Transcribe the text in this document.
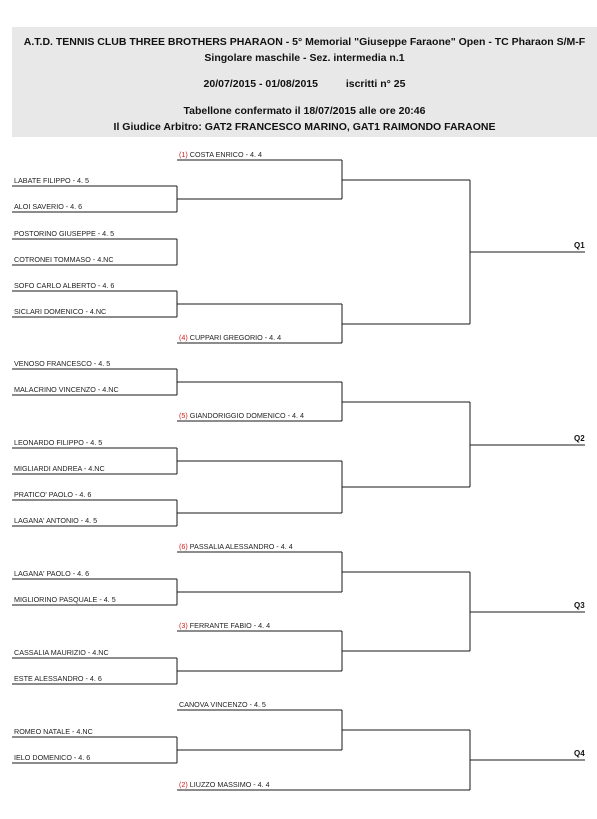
A.T.D. TENNIS CLUB THREE BROTHERS PHARAON - 5° Memorial "Giuseppe Faraone" Open - TC Pharaon S/M-F
Singolare maschile - Sez. intermedia n.1
20/07/2015 - 01/08/2015	iscritti n° 25
Tabellone confermato il 18/07/2015 alle ore 20:46
Il Giudice Arbitro: GAT2 FRANCESCO MARINO, GAT1 RAIMONDO FARAONE
LABATE FILIPPO - 4. 5
ALOI SAVERIO - 4. 6
POSTORINO GIUSEPPE - 4. 5
COTRONEI TOMMASO - 4.NC
SOFO CARLO ALBERTO - 4. 6
SICLARI DOMENICO - 4.NC
VENOSO FRANCESCO - 4. 5
MALACRINO VINCENZO - 4.NC
LEONARDO FILIPPO - 4. 5
MIGLIARDI ANDREA - 4.NC
PRATICO' PAOLO - 4. 6
LAGANA' ANTONIO - 4. 5
LAGANA' PAOLO - 4. 6
MIGLIORINO PASQUALE - 4. 5
CASSALIA MAURIZIO - 4.NC
ESTE ALESSANDRO - 4. 6
ROMEO NATALE - 4.NC
IELO DOMENICO - 4. 6
(1) COSTA ENRICO - 4. 4
(4) CUPPARI GREGORIO - 4. 4
(5) GIANDORIGGIO DOMENICO - 4. 4
(6) PASSALIA ALESSANDRO - 4. 4
(3) FERRANTE FABIO - 4. 4
CANOVA VINCENZO - 4. 5
(2) LIUZZO MASSIMO - 4. 4
Q1
Q2
Q3
Q4
